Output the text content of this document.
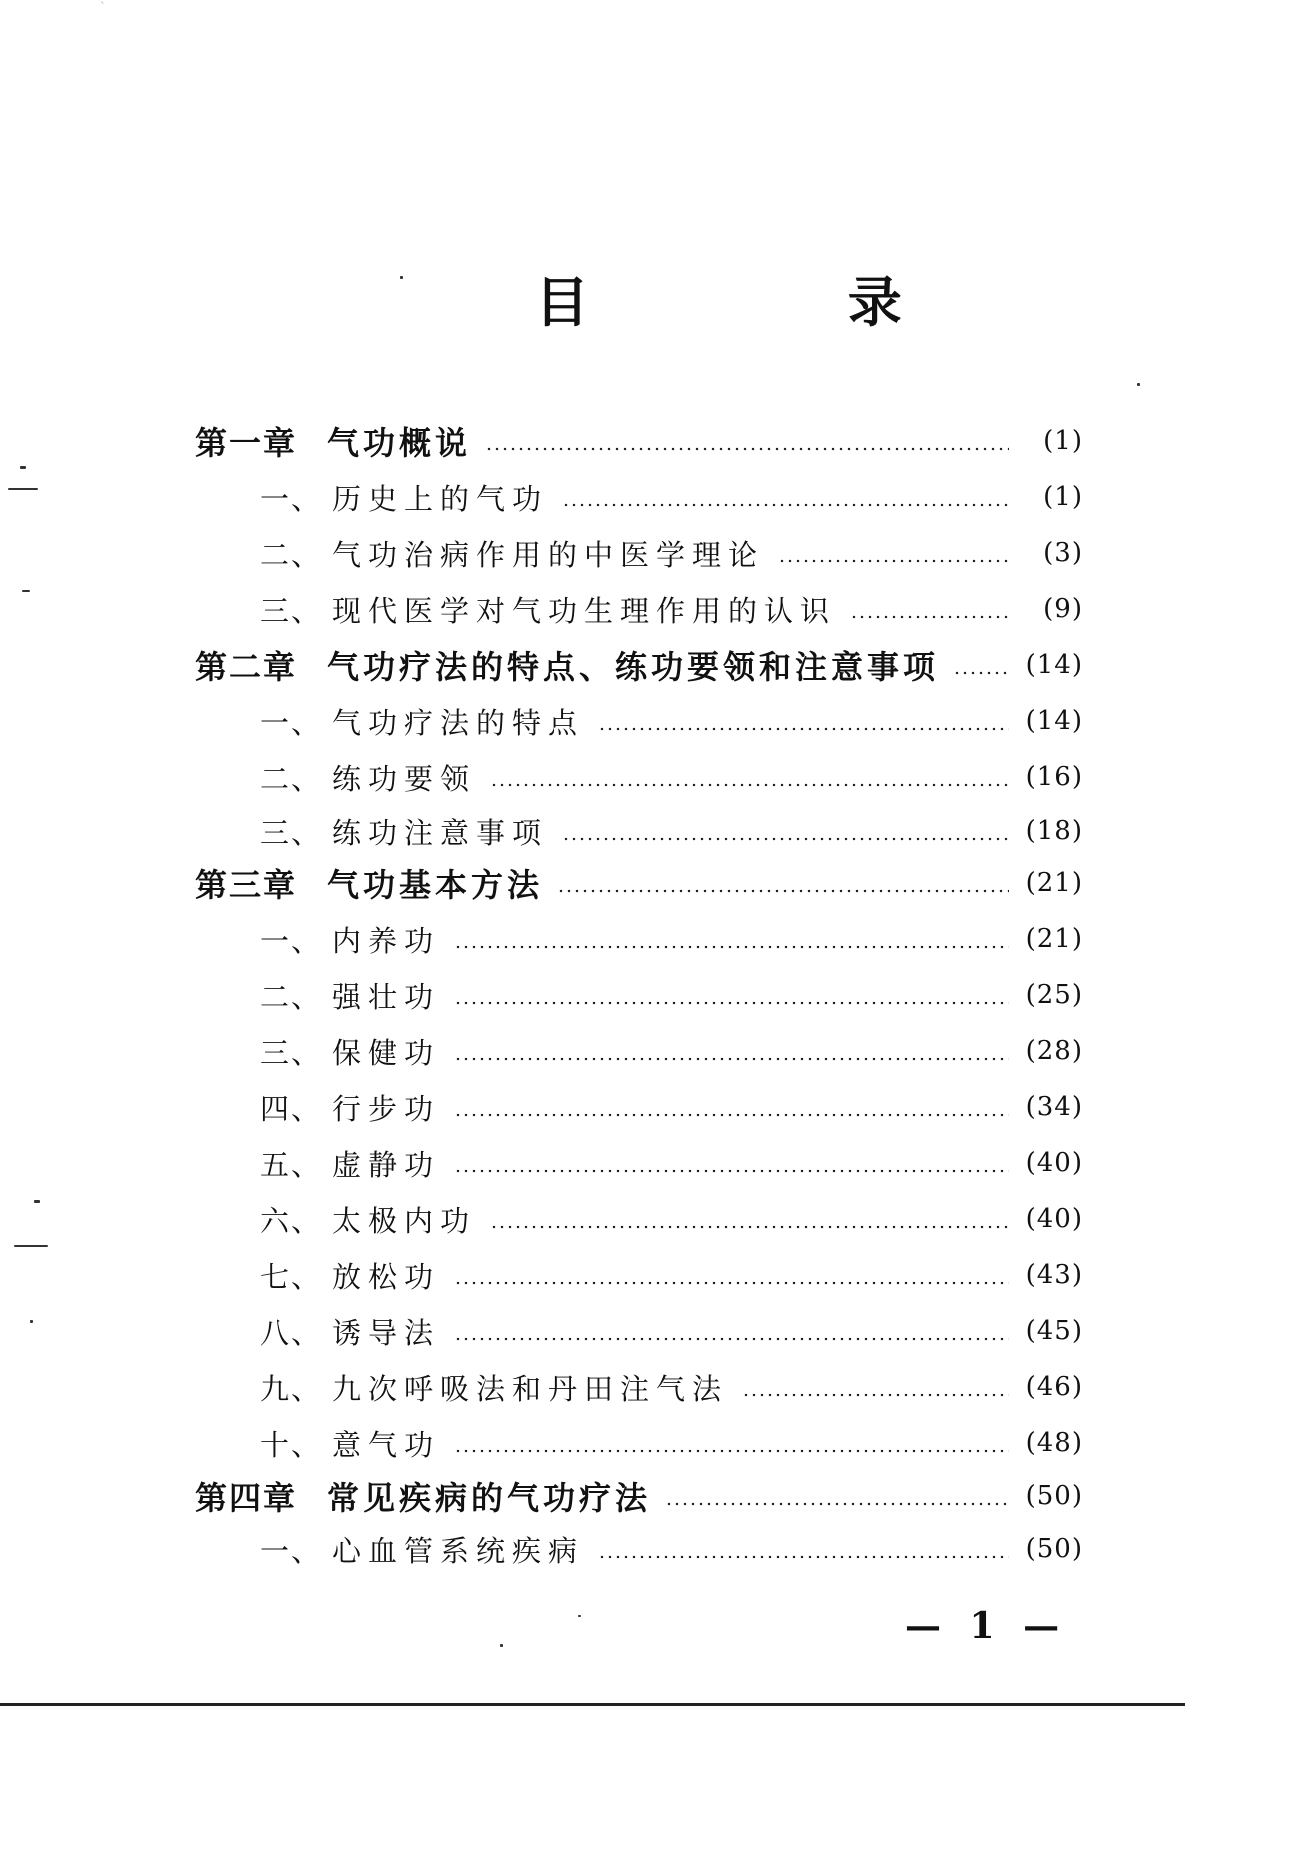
目 录
第一章 气功概说	(1)
一、 历史上的气功	(1)
二、 气功治病作用的中医学理论	(3)
三、 现代医学对气功生理作用的认识	(9)
第二章 气功疗法的特点、练功要领和注意事项	(14)
一、 气功疗法的特点	(14)
二、 练功要领	(16)
三、 练功注意事项	(18)
第三章 气功基本方法	(21)
一、 内养功	(21)
二、 强壮功	(25)
三、 保健功	(28)
四、 行步功	(34)
五、 虚静功	(40)
六、 太极内功	(40)
七、 放松功	(43)
八、 诱导法	(45)
九、 九次呼吸法和丹田注气法	(46)
十、 意气功	(48)
第四章 常见疾病的气功疗法	(50)
一、 心血管系统疾病	(50)
— 1 —
